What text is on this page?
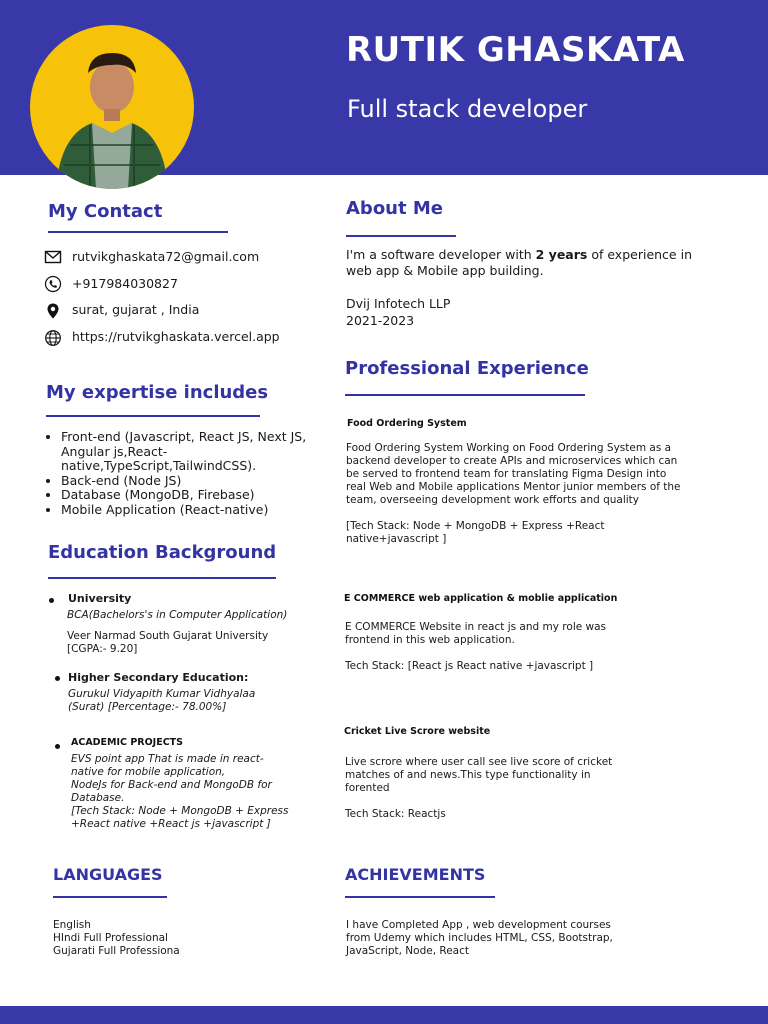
RUTIK GHASKATA
Full stack developer
My Contact
rutvikghaskata72@gmail.com
+917984030827
surat, gujarat , India
https://rutvikghaskata.vercel.app
My expertise includes
• Front-end (Javascript, React JS, Next JS, Angular js,React-native,TypeScript,TailwindCSS).
• Back-end (Node JS)
• Database (MongoDB, Firebase)
• Mobile Application (React-native)
Education Background
University
BCA(Bachelors's in Computer Application)
Veer Narmad South Gujarat University
[CGPA:- 9.20]
Higher Secondary Education:
Gurukul Vidyapith Kumar Vidhyalaa
(Surat) [Percentage:- 78.00%]
ACADEMIC PROJECTS
EVS point app That is made in react-
native for mobile application,
NodeJs for Back-end and MongoDB for
Database.
[Tech Stack: Node + MongoDB + Express
+React native +React js +javascript ]
LANGUAGES
English
HIndi Full Professional
Gujarati Full Professiona
About Me
I'm a software developer with 2 years of experience in
web app & Mobile app building.
Dvij Infotech LLP
2021-2023
Professional Experience
Food Ordering System
Food Ordering System Working on Food Ordering System as a
backend developer to create APIs and microservices which can
be served to frontend team for translating Figma Design into
real Web and Mobile applications Mentor junior members of the
team, overseeing development work efforts and quality
[Tech Stack: Node + MongoDB + Express +React
native+javascript ]
E COMMERCE web application & moblie application
E COMMERCE Website in react js and my role was
frontend in this web application.
Tech Stack: [React js React native +javascript ]
Cricket Live Scrore website
Live scrore where user call see live score of cricket
matches of and news.This type functionality in
forented
Tech Stack: Reactjs
ACHIEVEMENTS
I have Completed App , web development courses
from Udemy which includes HTML, CSS, Bootstrap,
JavaScript, Node, React
